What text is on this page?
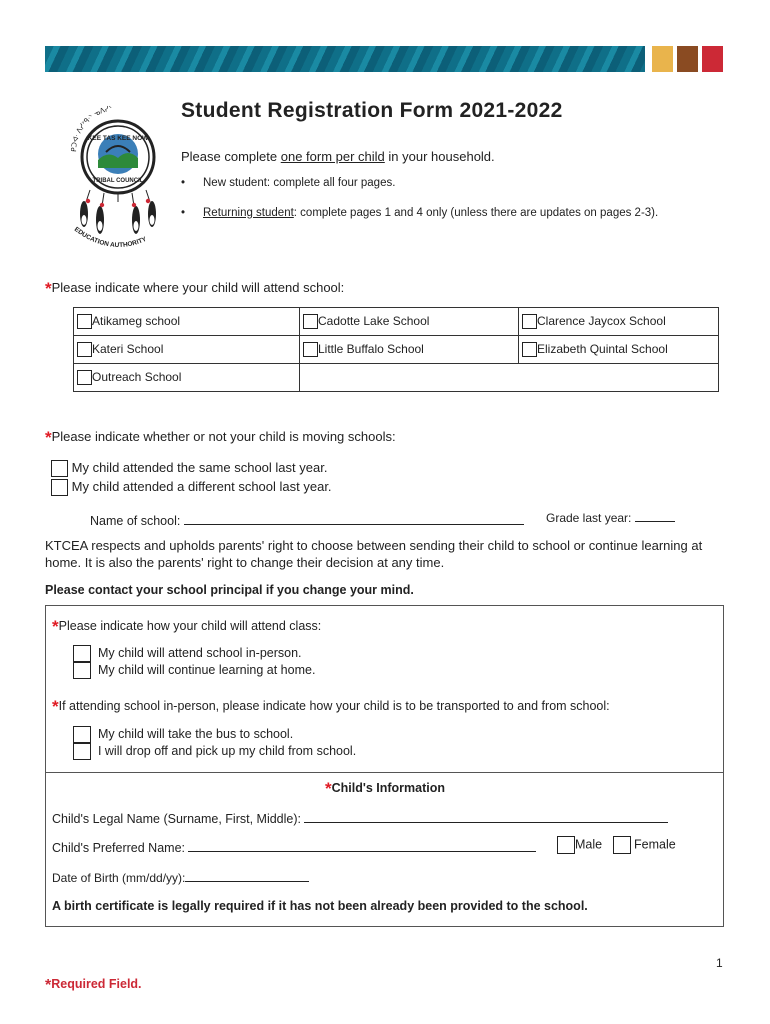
ᑭᑐᐊᐧ ᐱᓯᐣᑫᐧᐠ ᓀᐱᓯᐠ
KEE TAS KEE NOW
TRIBAL COUNCIL
EDUCATION AUTHORITY
Student Registration Form 2021-2022
Please complete one form per child in your household.
• New student: complete all four pages.
• Returning student: complete pages 1 and 4 only (unless there are updates on pages 2-3).
*Please indicate where your child will attend school:
Atikameg school	Cadotte Lake School	Clarence Jaycox School
Kateri School	Little Buffalo School	Elizabeth Quintal School
Outreach School		
*Please indicate whether or not your child is moving schools:
My child attended the same school last year.
My child attended a different school last year.
Name of school:	Grade last year:
KTCEA respects and upholds parents' right to choose between sending their child to school or continue learning at home. It is also the parents' right to change their decision at any time.
Please contact your school principal if you change your mind.
*Please indicate how your child will attend class:
My child will attend school in-person.
My child will continue learning at home.
*If attending school in-person, please indicate how your child is to be transported to and from school:
My child will take the bus to school.
I will drop off and pick up my child from school.
*Child's Information
Child's Legal Name (Surname, First, Middle):
Child's Preferred Name:	Male	Female
Date of Birth (mm/dd/yy):
A birth certificate is legally required if it has not been already been provided to the school.
1
*Required Field.
